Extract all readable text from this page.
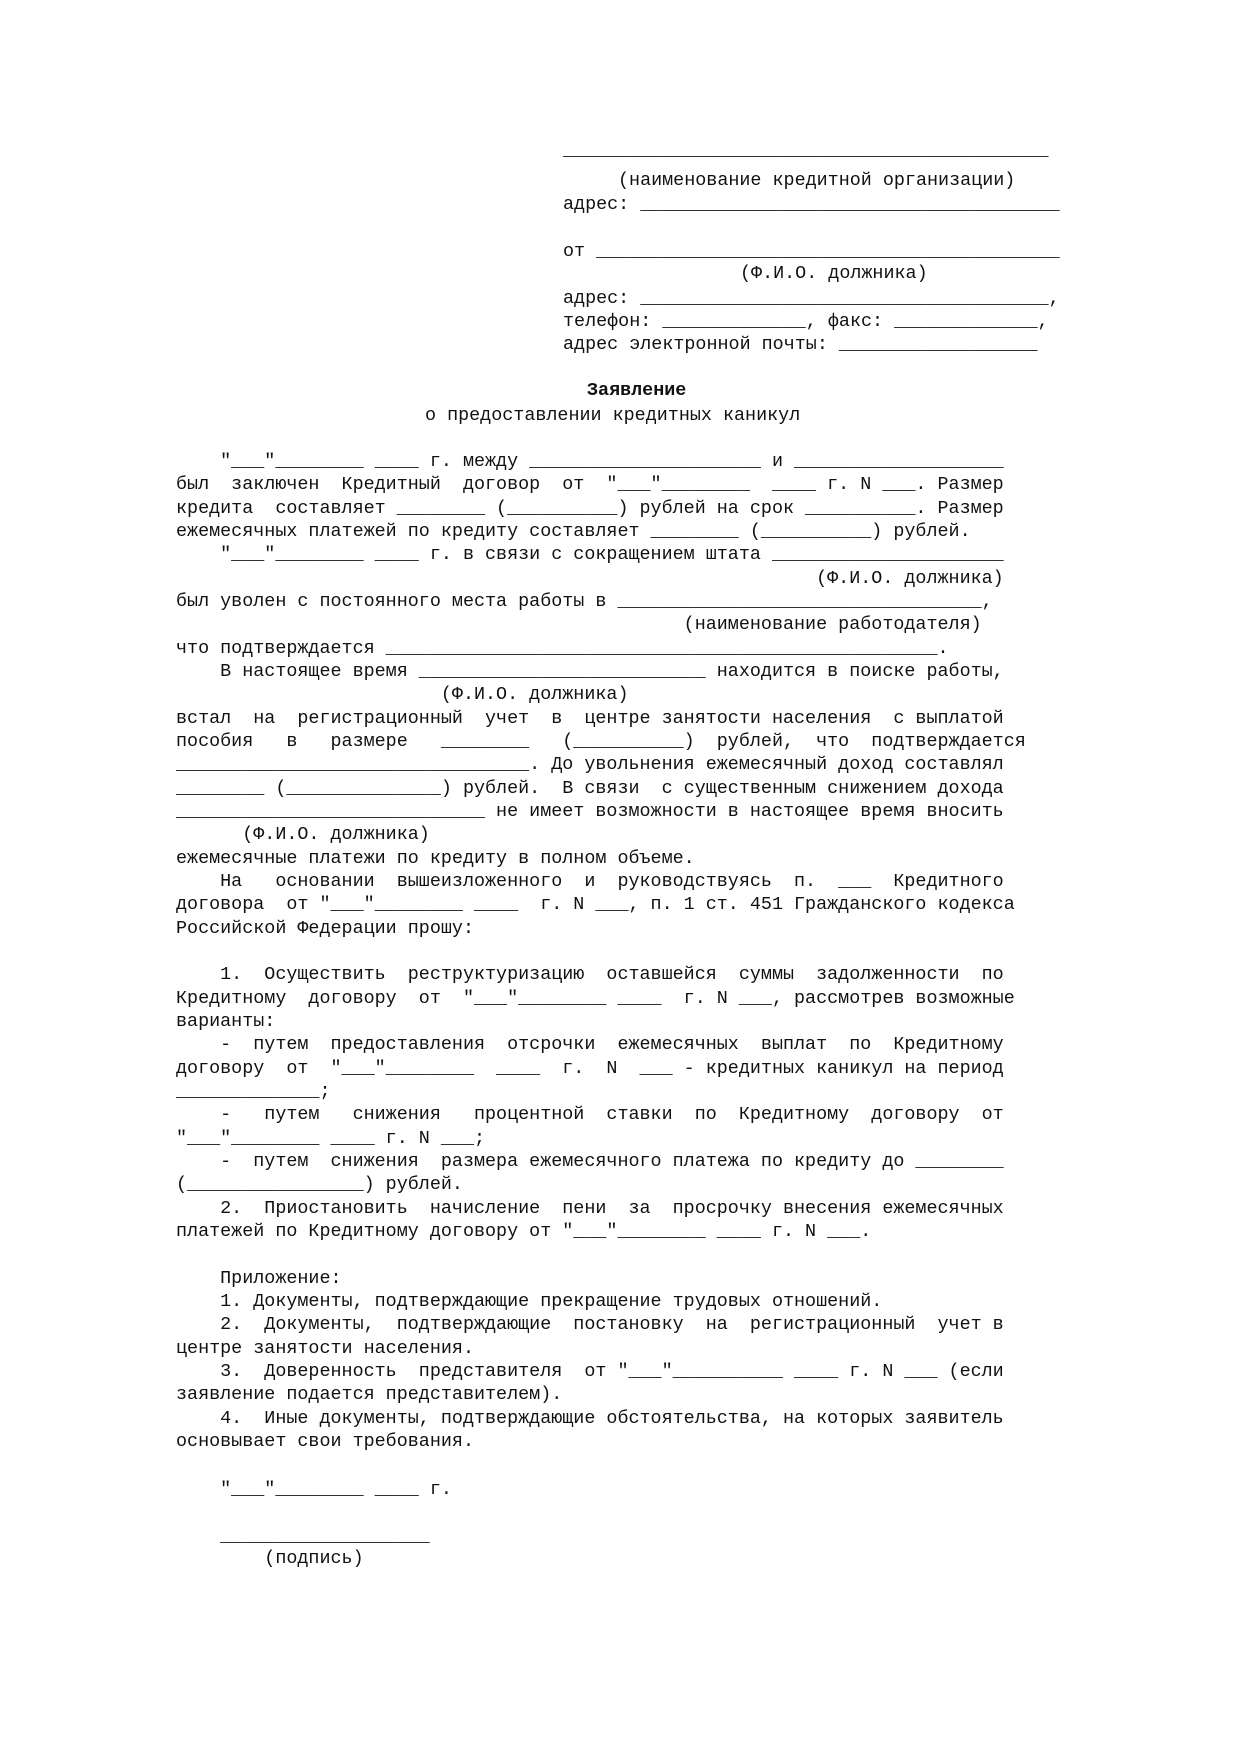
____________________________________________
(наименование кредитной организации)
адрес: ______________________________________
от __________________________________________
(Ф.И.О. должника)
адрес: _____________________________________,
телефон: _____________, факс: _____________,
адрес электронной почты: __________________
Заявление
о предоставлении кредитных каникул
"___"________ ____ г. между _____________________ и ___________________
был  заключен  Кредитный  договор  от  "___"________  ____ г. N ___. Размер
кредита  составляет ________ (__________) рублей на срок __________. Размер
ежемесячных платежей по кредиту составляет ________ (__________) рублей.
"___"________ ____ г. в связи с сокращением штата _____________________
(Ф.И.О. должника)
был уволен с постоянного места работы в _________________________________,
(наименование работодателя)
что подтверждается __________________________________________________.
В настоящее время __________________________ находится в поиске работы,
(Ф.И.О. должника)
встал  на  регистрационный  учет  в  центре занятости населения  с выплатой
пособия   в   размере   ________   (__________)  рублей,  что  подтверждается
________________________________. До увольнения ежемесячный доход составлял
________ (______________) рублей.  В связи  с существенным снижением дохода
____________________________ не имеет возможности в настоящее время вносить
(Ф.И.О. должника)
ежемесячные платежи по кредиту в полном объеме.
На   основании  вышеизложенного  и  руководствуясь  п.  ___  Кредитного
договора  от "___"________ ____  г. N ___, п. 1 ст. 451 Гражданского кодекса
Российской Федерации прошу:
1.  Осуществить  реструктуризацию  оставшейся  суммы  задолженности  по
Кредитному  договору  от  "___"________ ____  г. N ___, рассмотрев возможные
варианты:
-  путем  предоставления  отсрочки  ежемесячных  выплат  по  Кредитному
договору  от  "___"________  ____  г.  N  ___ - кредитных каникул на период
_____________;
-   путем   снижения   процентной  ставки  по  Кредитному  договору  от
"___"________ ____ г. N ___;
-  путем  снижения  размера ежемесячного платежа по кредиту до ________
(________________) рублей.
2.  Приостановить  начисление  пени  за  просрочку внесения ежемесячных
платежей по Кредитному договору от "___"________ ____ г. N ___.
Приложение:
1. Документы, подтверждающие прекращение трудовых отношений.
2.  Документы,  подтверждающие  постановку  на  регистрационный  учет в
центре занятости населения.
3.  Доверенность  представителя  от "___"__________ ____ г. N ___ (если
заявление подается представителем).
4.  Иные документы, подтверждающие обстоятельства, на которых заявитель
основывает свои требования.
"___"________ ____ г.
___________________
(подпись)
